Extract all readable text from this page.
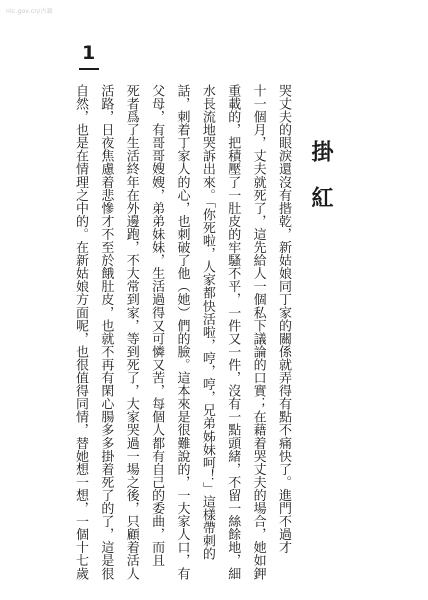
nlc.gov.cn/古籍
1
掛紅
哭丈夫的眼淚還沒有揩乾，新姑娘同丁家的關係就弄得有點不痛快了。進門不過才
十一個月，丈夫就死了，這先給人一個私下議論的口實；在藉着哭丈夫的場合，她如鉀
重載的，把積壓了一肚皮的牢騷不平，一件又一件，沒有一點頭緒，不留一絲餘地，細
水長流地哭訴出來。「你死啦，人家都快活啦，哼，哼，兄弟姊妹呵！」這樣帶刺的
話，刺着丁家人的心，也刺破了他（她）們的臉。這本來是很難說的，一大家人口，有
父母，有哥哥嫂嫂，弟弟妹妹，生活過得又可憐又苦，每個人都有自己的委曲，而且
死者爲了生活終年在外邊跑，不大常到家，等到死了，大家哭過一場之後，只顧着活人
活路，日夜焦慮着悲慘才不至於餓肚皮，也就不再有閑心腸多多掛着死了的了，這是很
自然，也是在情理之中的。在新姑娘方面呢，也很值得同情，替她想一想，一個十七歲
